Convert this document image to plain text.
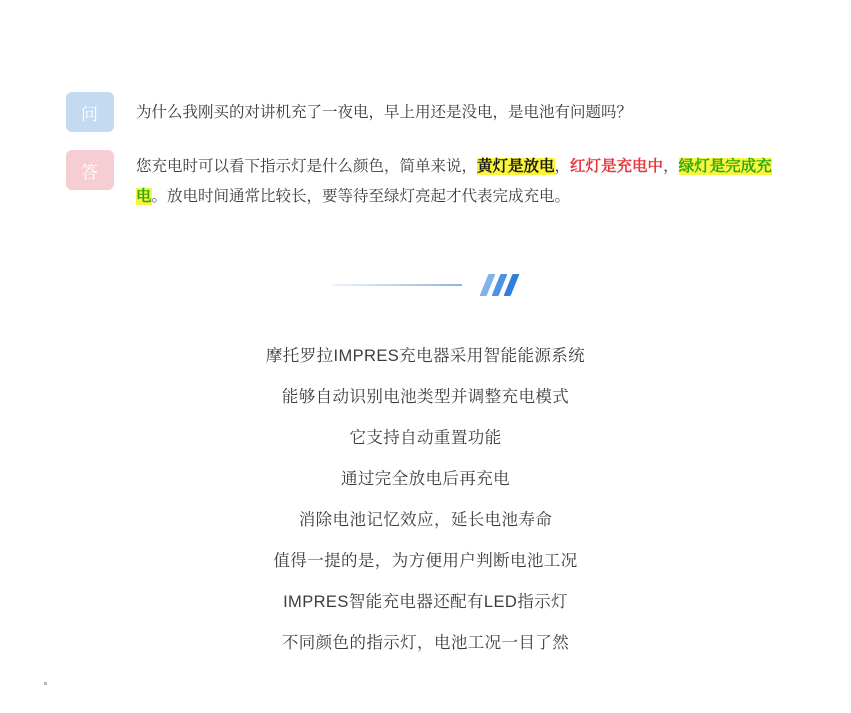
问	为什么我刚买的对讲机充了一夜电，早上用还是没电，是电池有问题吗？
答	您充电时可以看下指示灯是什么颜色，简单来说，黄灯是放电，红灯是充电中，绿灯是完成充电。放电时间通常比较长，要等待至绿灯亮起才代表完成充电。
摩托罗拉IMPRES充电器采用智能能源系统
能够自动识别电池类型并调整充电模式
它支持自动重置功能
通过完全放电后再充电
消除电池记忆效应，延长电池寿命
值得一提的是，为方便用户判断电池工况
IMPRES智能充电器还配有LED指示灯
不同颜色的指示灯，电池工况一目了然
